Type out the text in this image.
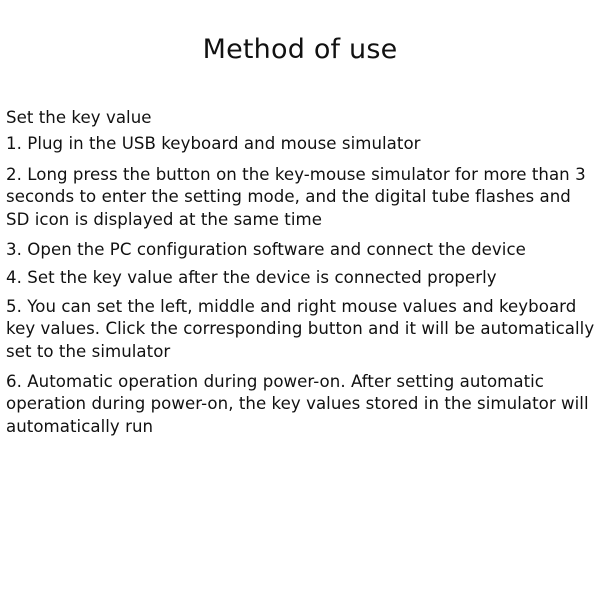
Method of use
Set the key value
1. Plug in the USB keyboard and mouse simulator
2. Long press the button on the key-mouse simulator for more than 3 seconds to enter the setting mode, and the digital tube flashes and SD icon is displayed at the same time
3. Open the PC configuration software and connect the device
4. Set the key value after the device is connected properly
5. You can set the left, middle and right mouse values and keyboard key values. Click the corresponding button and it will be automatically set to the simulator
6. Automatic operation during power-on. After setting automatic operation during power-on, the key values stored in the simulator will automatically run
